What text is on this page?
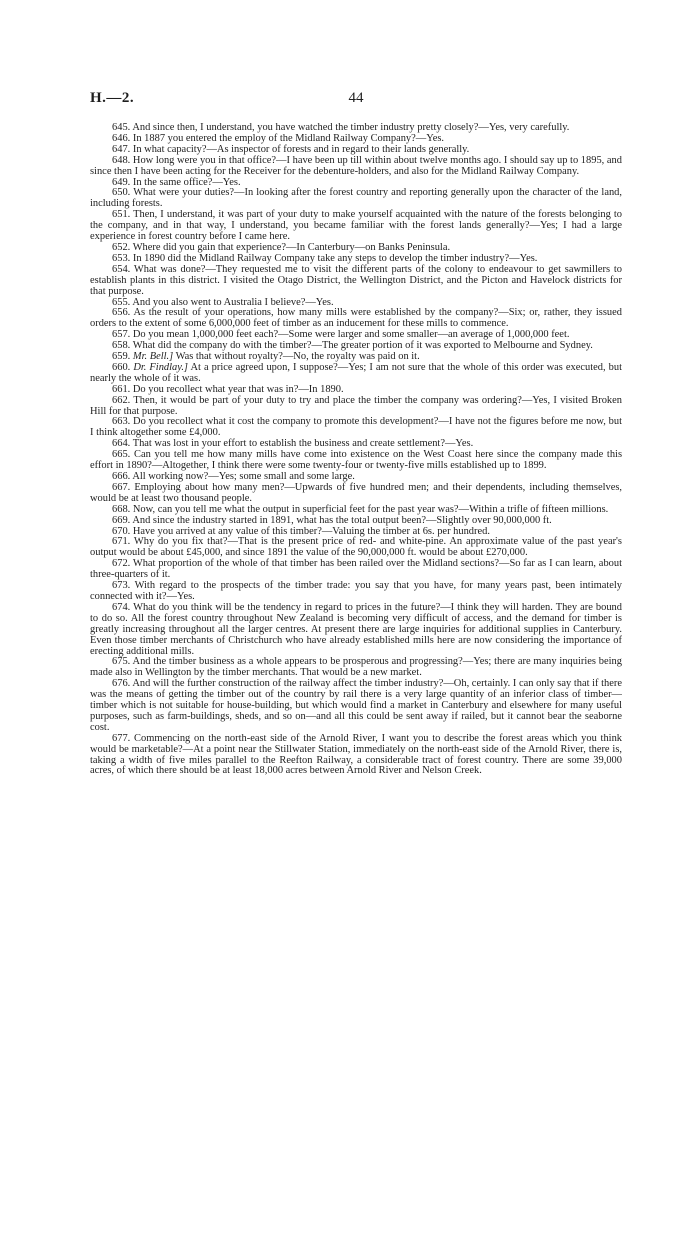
H.—2.	44

645. And since then, I understand, you have watched the timber industry pretty closely?—Yes, very carefully.

646. In 1887 you entered the employ of the Midland Railway Company?—Yes.

647. In what capacity?—As inspector of forests and in regard to their lands generally.

648. How long were you in that office?—I have been up till within about twelve months ago. I should say up to 1895, and since then I have been acting for the Receiver for the debenture-holders, and also for the Midland Railway Company.

649. In the same office?—Yes.

650. What were your duties?—In looking after the forest country and reporting generally upon the character of the land, including forests.

651. Then, I understand, it was part of your duty to make yourself acquainted with the nature of the forests belonging to the company, and in that way, I understand, you became familiar with the forest lands generally?—Yes; I had a large experience in forest country before I came here.

652. Where did you gain that experience?—In Canterbury—on Banks Peninsula.

653. In 1890 did the Midland Railway Company take any steps to develop the timber industry?—Yes.

654. What was done?—They requested me to visit the different parts of the colony to endeavour to get sawmillers to establish plants in this district. I visited the Otago District, the Wellington District, and the Picton and Havelock districts for that purpose.

655. And you also went to Australia I believe?—Yes.

656. As the result of your operations, how many mills were established by the company?—Six; or, rather, they issued orders to the extent of some 6,000,000 feet of timber as an inducement for these mills to commence.

657. Do you mean 1,000,000 feet each?—Some were larger and some smaller—an average of 1,000,000 feet.

658. What did the company do with the timber?—The greater portion of it was exported to Melbourne and Sydney.

659. Mr. Bell.] Was that without royalty?—No, the royalty was paid on it.

660. Dr. Findlay.] At a price agreed upon, I suppose?—Yes; I am not sure that the whole of this order was executed, but nearly the whole of it was.

661. Do you recollect what year that was in?—In 1890.

662. Then, it would be part of your duty to try and place the timber the company was ordering?—Yes, I visited Broken Hill for that purpose.

663. Do you recollect what it cost the company to promote this development?—I have not the figures before me now, but I think altogether some £4,000.

664. That was lost in your effort to establish the business and create settlement?—Yes.

665. Can you tell me how many mills have come into existence on the West Coast here since the company made this effort in 1890?—Altogether, I think there were some twenty-four or twenty-five mills established up to 1899.

666. All working now?—Yes; some small and some large.

667. Employing about how many men?—Upwards of five hundred men; and their dependents, including themselves, would be at least two thousand people.

668. Now, can you tell me what the output in superficial feet for the past year was?—Within a trifle of fifteen millions.

669. And since the industry started in 1891, what has the total output been?—Slightly over 90,000,000 ft.

670. Have you arrived at any value of this timber?—Valuing the timber at 6s. per hundred.

671. Why do you fix that?—That is the present price of red- and white-pine. An approximate value of the past year's output would be about £45,000, and since 1891 the value of the 90,000,000 ft. would be about £270,000.

672. What proportion of the whole of that timber has been railed over the Midland sections?—So far as I can learn, about three-quarters of it.

673. With regard to the prospects of the timber trade: you say that you have, for many years past, been intimately connected with it?—Yes.

674. What do you think will be the tendency in regard to prices in the future?—I think they will harden. They are bound to do so. All the forest country throughout New Zealand is becoming very difficult of access, and the demand for timber is greatly increasing throughout all the larger centres. At present there are large inquiries for additional supplies in Canterbury. Even those timber merchants of Christchurch who have already established mills here are now considering the importance of erecting additional mills.

675. And the timber business as a whole appears to be prosperous and progressing?—Yes; there are many inquiries being made also in Wellington by the timber merchants. That would be a new market.

676. And will the further construction of the railway affect the timber industry?—Oh, certainly. I can only say that if there was the means of getting the timber out of the country by rail there is a very large quantity of an inferior class of timber—timber which is not suitable for house-building, but which would find a market in Canterbury and elsewhere for many useful purposes, such as farm-buildings, sheds, and so on—and all this could be sent away if railed, but it cannot bear the seaborne cost.

677. Commencing on the north-east side of the Arnold River, I want you to describe the forest areas which you think would be marketable?—At a point near the Stillwater Station, immediately on the north-east side of the Arnold River, there is, taking a width of five miles parallel to the Reefton Railway, a considerable tract of forest country. There are some 39,000 acres, of which there should be at least 18,000 acres between Arnold River and Nelson Creek.
